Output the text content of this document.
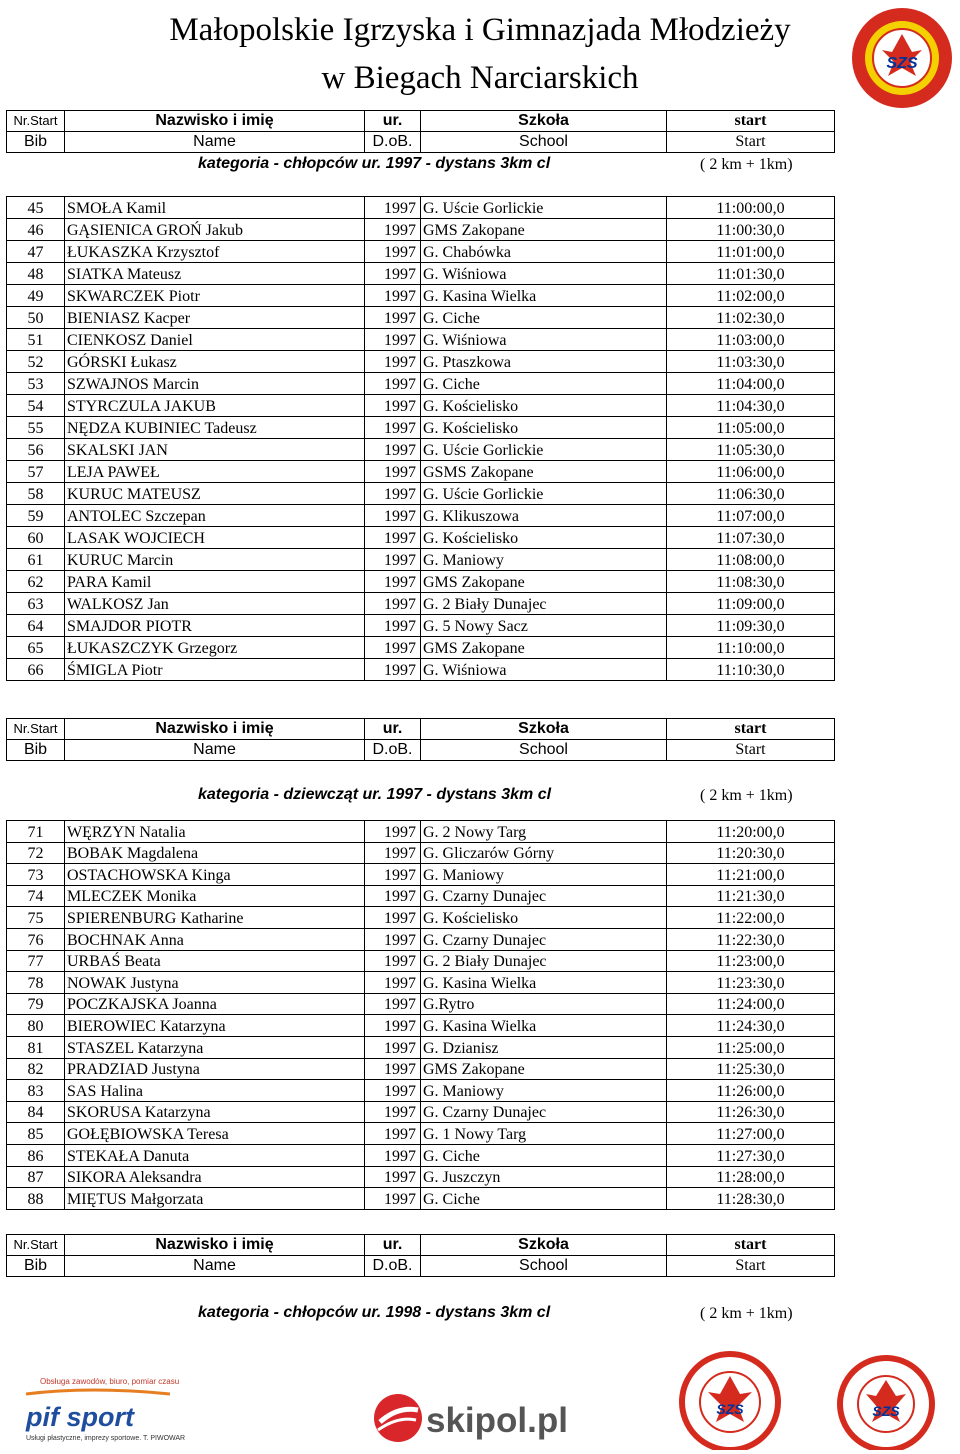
Małopolskie Igrzyska i Gimnazjada Młodzieży
w Biegach Narciarskich	SZS
Nr.Start	Nazwisko i imię	ur.	Szkoła	start
Bib	Name	D.oB.	School	Start
kategoria - chłopców ur. 1997 - dystans 3km cl	( 2 km + 1km)
45	SMOŁA Kamil	1997	G. Uście Gorlickie	11:00:00,0
46	GĄSIENICA GROŃ Jakub	1997	GMS Zakopane	11:00:30,0
47	ŁUKASZKA Krzysztof	1997	G. Chabówka	11:01:00,0
48	SIATKA Mateusz	1997	G. Wiśniowa	11:01:30,0
49	SKWARCZEK Piotr	1997	G. Kasina Wielka	11:02:00,0
50	BIENIASZ Kacper	1997	G. Ciche	11:02:30,0
51	CIENKOSZ Daniel	1997	G. Wiśniowa	11:03:00,0
52	GÓRSKI Łukasz	1997	G. Ptaszkowa	11:03:30,0
53	SZWAJNOS Marcin	1997	G. Ciche	11:04:00,0
54	STYRCZULA JAKUB	1997	G. Kościelisko	11:04:30,0
55	NĘDZA KUBINIEC Tadeusz	1997	G. Kościelisko	11:05:00,0
56	SKALSKI JAN	1997	G. Uście Gorlickie	11:05:30,0
57	LEJA PAWEŁ	1997	GSMS Zakopane	11:06:00,0
58	KURUC MATEUSZ	1997	G. Uście Gorlickie	11:06:30,0
59	ANTOLEC Szczepan	1997	G. Klikuszowa	11:07:00,0
60	LASAK WOJCIECH	1997	G. Kościelisko	11:07:30,0
61	KURUC Marcin	1997	G. Maniowy	11:08:00,0
62	PARA Kamil	1997	GMS Zakopane	11:08:30,0
63	WALKOSZ Jan	1997	G. 2 Biały Dunajec	11:09:00,0
64	SMAJDOR PIOTR	1997	G. 5 Nowy Sacz	11:09:30,0
65	ŁUKASZCZYK Grzegorz	1997	GMS Zakopane	11:10:00,0
66	ŚMIGLA Piotr	1997	G. Wiśniowa	11:10:30,0
Nr.Start	Nazwisko i imię	ur.	Szkoła	start
Bib	Name	D.oB.	School	Start
kategoria - dziewcząt ur. 1997 - dystans 3km cl	( 2 km + 1km)
71	WĘRZYN Natalia	1997	G. 2 Nowy Targ	11:20:00,0
72	BOBAK Magdalena	1997	G. Gliczarów Górny	11:20:30,0
73	OSTACHOWSKA Kinga	1997	G. Maniowy	11:21:00,0
74	MLECZEK Monika	1997	G. Czarny Dunajec	11:21:30,0
75	SPIERENBURG Katharine	1997	G. Kościelisko	11:22:00,0
76	BOCHNAK Anna	1997	G. Czarny Dunajec	11:22:30,0
77	URBAŚ Beata	1997	G. 2 Biały Dunajec	11:23:00,0
78	NOWAK Justyna	1997	G. Kasina Wielka	11:23:30,0
79	POCZKAJSKA Joanna	1997	G.Rytro	11:24:00,0
80	BIEROWIEC Katarzyna	1997	G. Kasina Wielka	11:24:30,0
81	STASZEL Katarzyna	1997	G. Dzianisz	11:25:00,0
82	PRADZIAD Justyna	1997	GMS Zakopane	11:25:30,0
83	SAS Halina	1997	G. Maniowy	11:26:00,0
84	SKORUSA Katarzyna	1997	G. Czarny Dunajec	11:26:30,0
85	GOŁĘBIOWSKA Teresa	1997	G. 1 Nowy Targ	11:27:00,0
86	STEKAŁA Danuta	1997	G. Ciche	11:27:30,0
87	SIKORA Aleksandra	1997	G. Juszczyn	11:28:00,0
88	MIĘTUS Małgorzata	1997	G. Ciche	11:28:30,0
Nr.Start	Nazwisko i imię	ur.	Szkoła	start
Bib	Name	D.oB.	School	Start
kategoria - chłopców ur. 1998 - dystans 3km cl	( 2 km + 1km)
Obsługa zawodów, biuro, pomiar czasu
pif sport
Usługi płastyczne, imprezy sportowe. T. PIWOWAR	skipol.pl	SZS	SZS
